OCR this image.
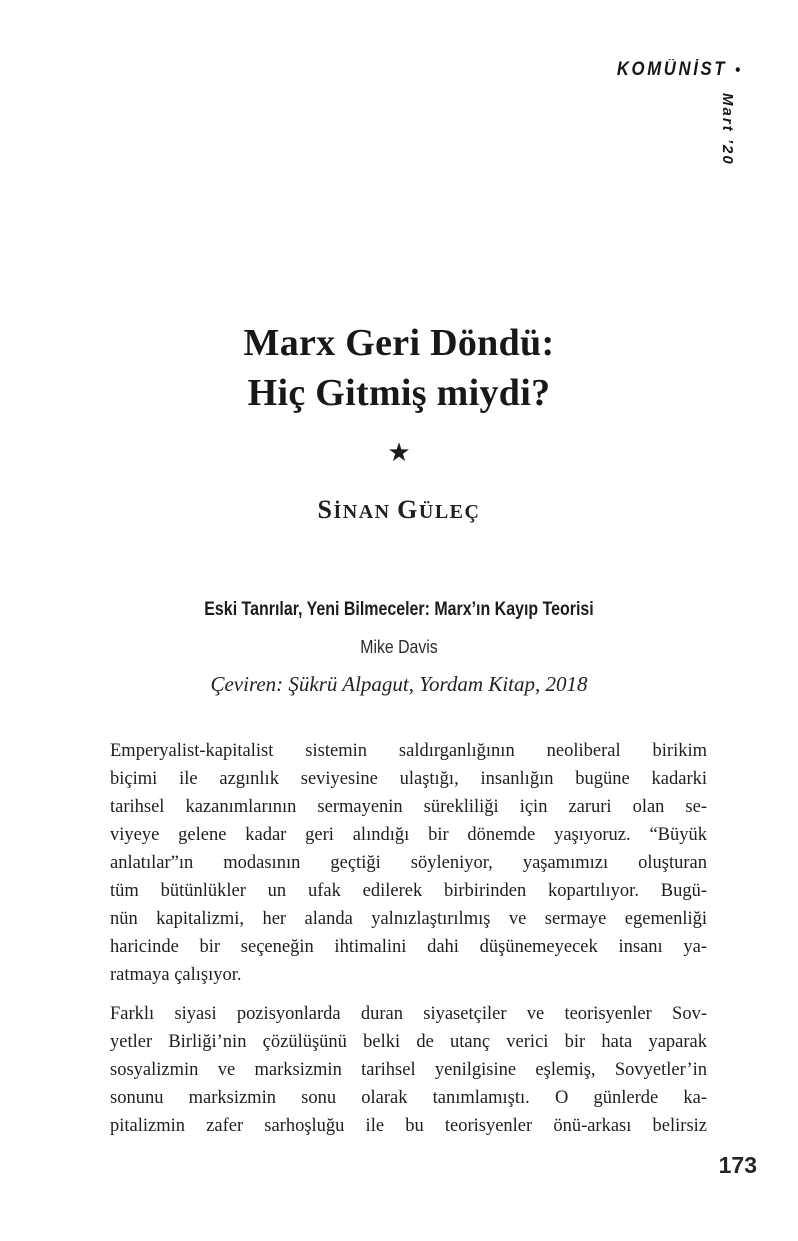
KOMÜNİST •
Mart ’20
Marx Geri Döndü:
Hiç Gitmiş miydi?
★
SİNAN GÜLEÇ
Eski Tanrılar, Yeni Bilmeceler: Marx’ın Kayıp Teorisi
Mike Davis
Çeviren: Şükrü Alpagut, Yordam Kitap, 2018
Emperyalist-kapitalist sistemin saldırganlığının neoliberal birikim
biçimi ile azgınlık seviyesine ulaştığı, insanlığın bugüne kadarki
tarihsel kazanımlarının sermayenin sürekliliği için zaruri olan se-
viyeye gelene kadar geri alındığı bir dönemde yaşıyoruz. “Büyük
anlatılar”ın modasının geçtiği söyleniyor, yaşamımızı oluşturan
tüm bütünlükler un ufak edilerek birbirinden kopartılıyor. Bugü-
nün kapitalizmi, her alanda yalnızlaştırılmış ve sermaye egemenliği
haricinde bir seçeneğin ihtimalini dahi düşünemeyecek insanı ya-
ratmaya çalışıyor.
Farklı siyasi pozisyonlarda duran siyasetçiler ve teorisyenler Sov-
yetler Birliği’nin çözülüşünü belki de utanç verici bir hata yaparak
sosyalizmin ve marksizmin tarihsel yenilgisine eşlemiş, Sovyetler’in
sonunu marksizmin sonu olarak tanımlamıştı. O günlerde ka-
pitalizmin zafer sarhoşluğu ile bu teorisyenler önü-arkası belirsiz
173
